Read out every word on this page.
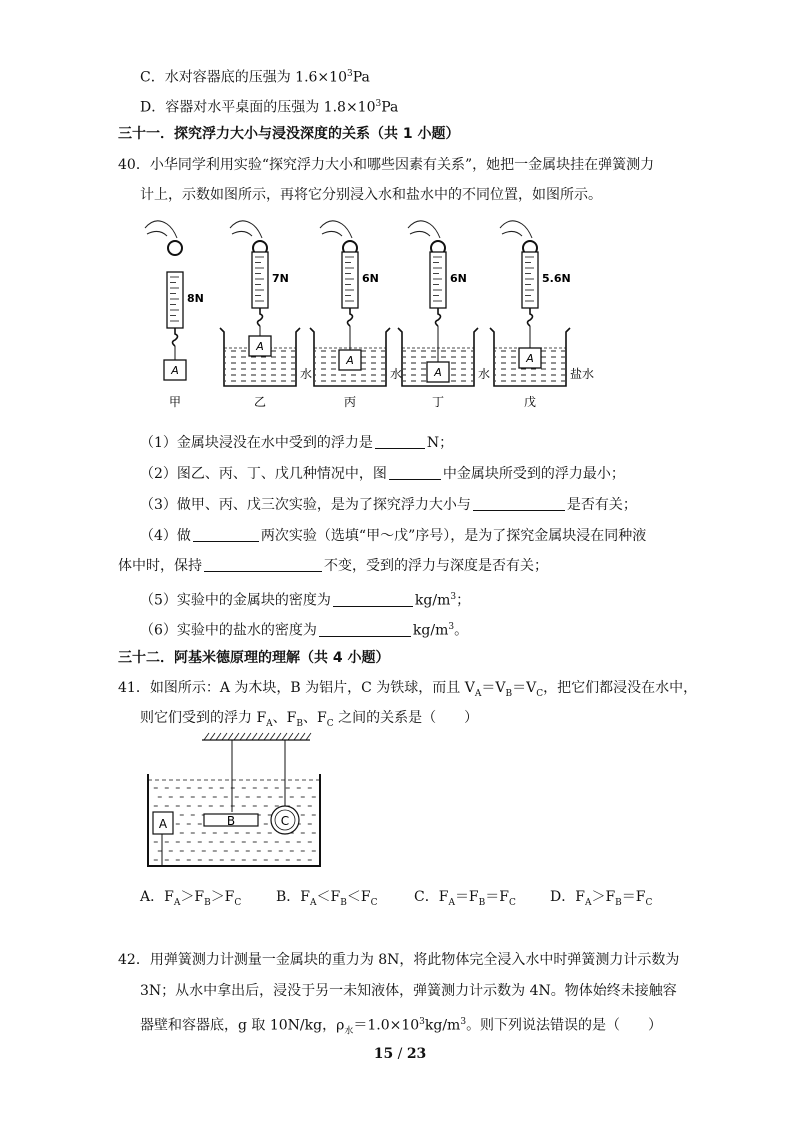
C．水对容器底的压强为 $1.6\times 10^3Pa$
D．容器对水平桌面的压强为 $1.8\times 10^3Pa$
三十一．探究浮力大小与浸没深度的关系（共 1 小题）
40．小华同学利用实验“探究浮力大小和哪些因素有关系”，她把一金属块挂在弹簧测力
计上，示数如图所示，再将它分别浸入水和盐水中的不同位置，如图所示。
8N
A
甲
7N
水
A
乙
6N
水
A
丙
6N
水
A
丁
5.6N
盐水
A
戊
（1）金属块浸没在水中受到的浮力是	N；
（2）图乙、丙、丁、戊几种情况中，图	中金属块所受到的浮力最小；
（3）做甲、丙、戊三次实验，是为了探究浮力大小与	是否有关；
（4）做	两次实验（选填“甲～戊”序号），是为了探究金属块浸在同种液
体中时，保持	不变，受到的浮力与深度是否有关；
（5）实验中的金属块的密度为	$kg/m^3$；
（6）实验中的盐水的密度为	$kg/m^3$。
三十二．阿基米德原理的理解（共 4 小题）
41．如图所示：A 为木块，B 为铝片，C 为铁球，而且 $V_A=V_B=V_C$，把它们都浸没在水中，
则它们受到的浮力 $F_A$、$F_B$、$F_C$ 之间的关系是（　　）
A	B	C
A．$F_A>F_B>F_C$ B．$F_A<F_B<F_C$	C．$F_A=F_B=F_C$ D．$F_A>F_B=F_C$
42．用弹簧测力计测量一金属块的重力为 8N，将此物体完全浸入水中时弹簧测力计示数为
3N；从水中拿出后，浸没于另一未知液体，弹簧测力计示数为 4N。物体始终未接触容
器壁和容器底，g 取 10N/kg，$\rho_水=1.0\times 10^3kg/m^3$。则下列说法错误的是（　　）
15 / 23
